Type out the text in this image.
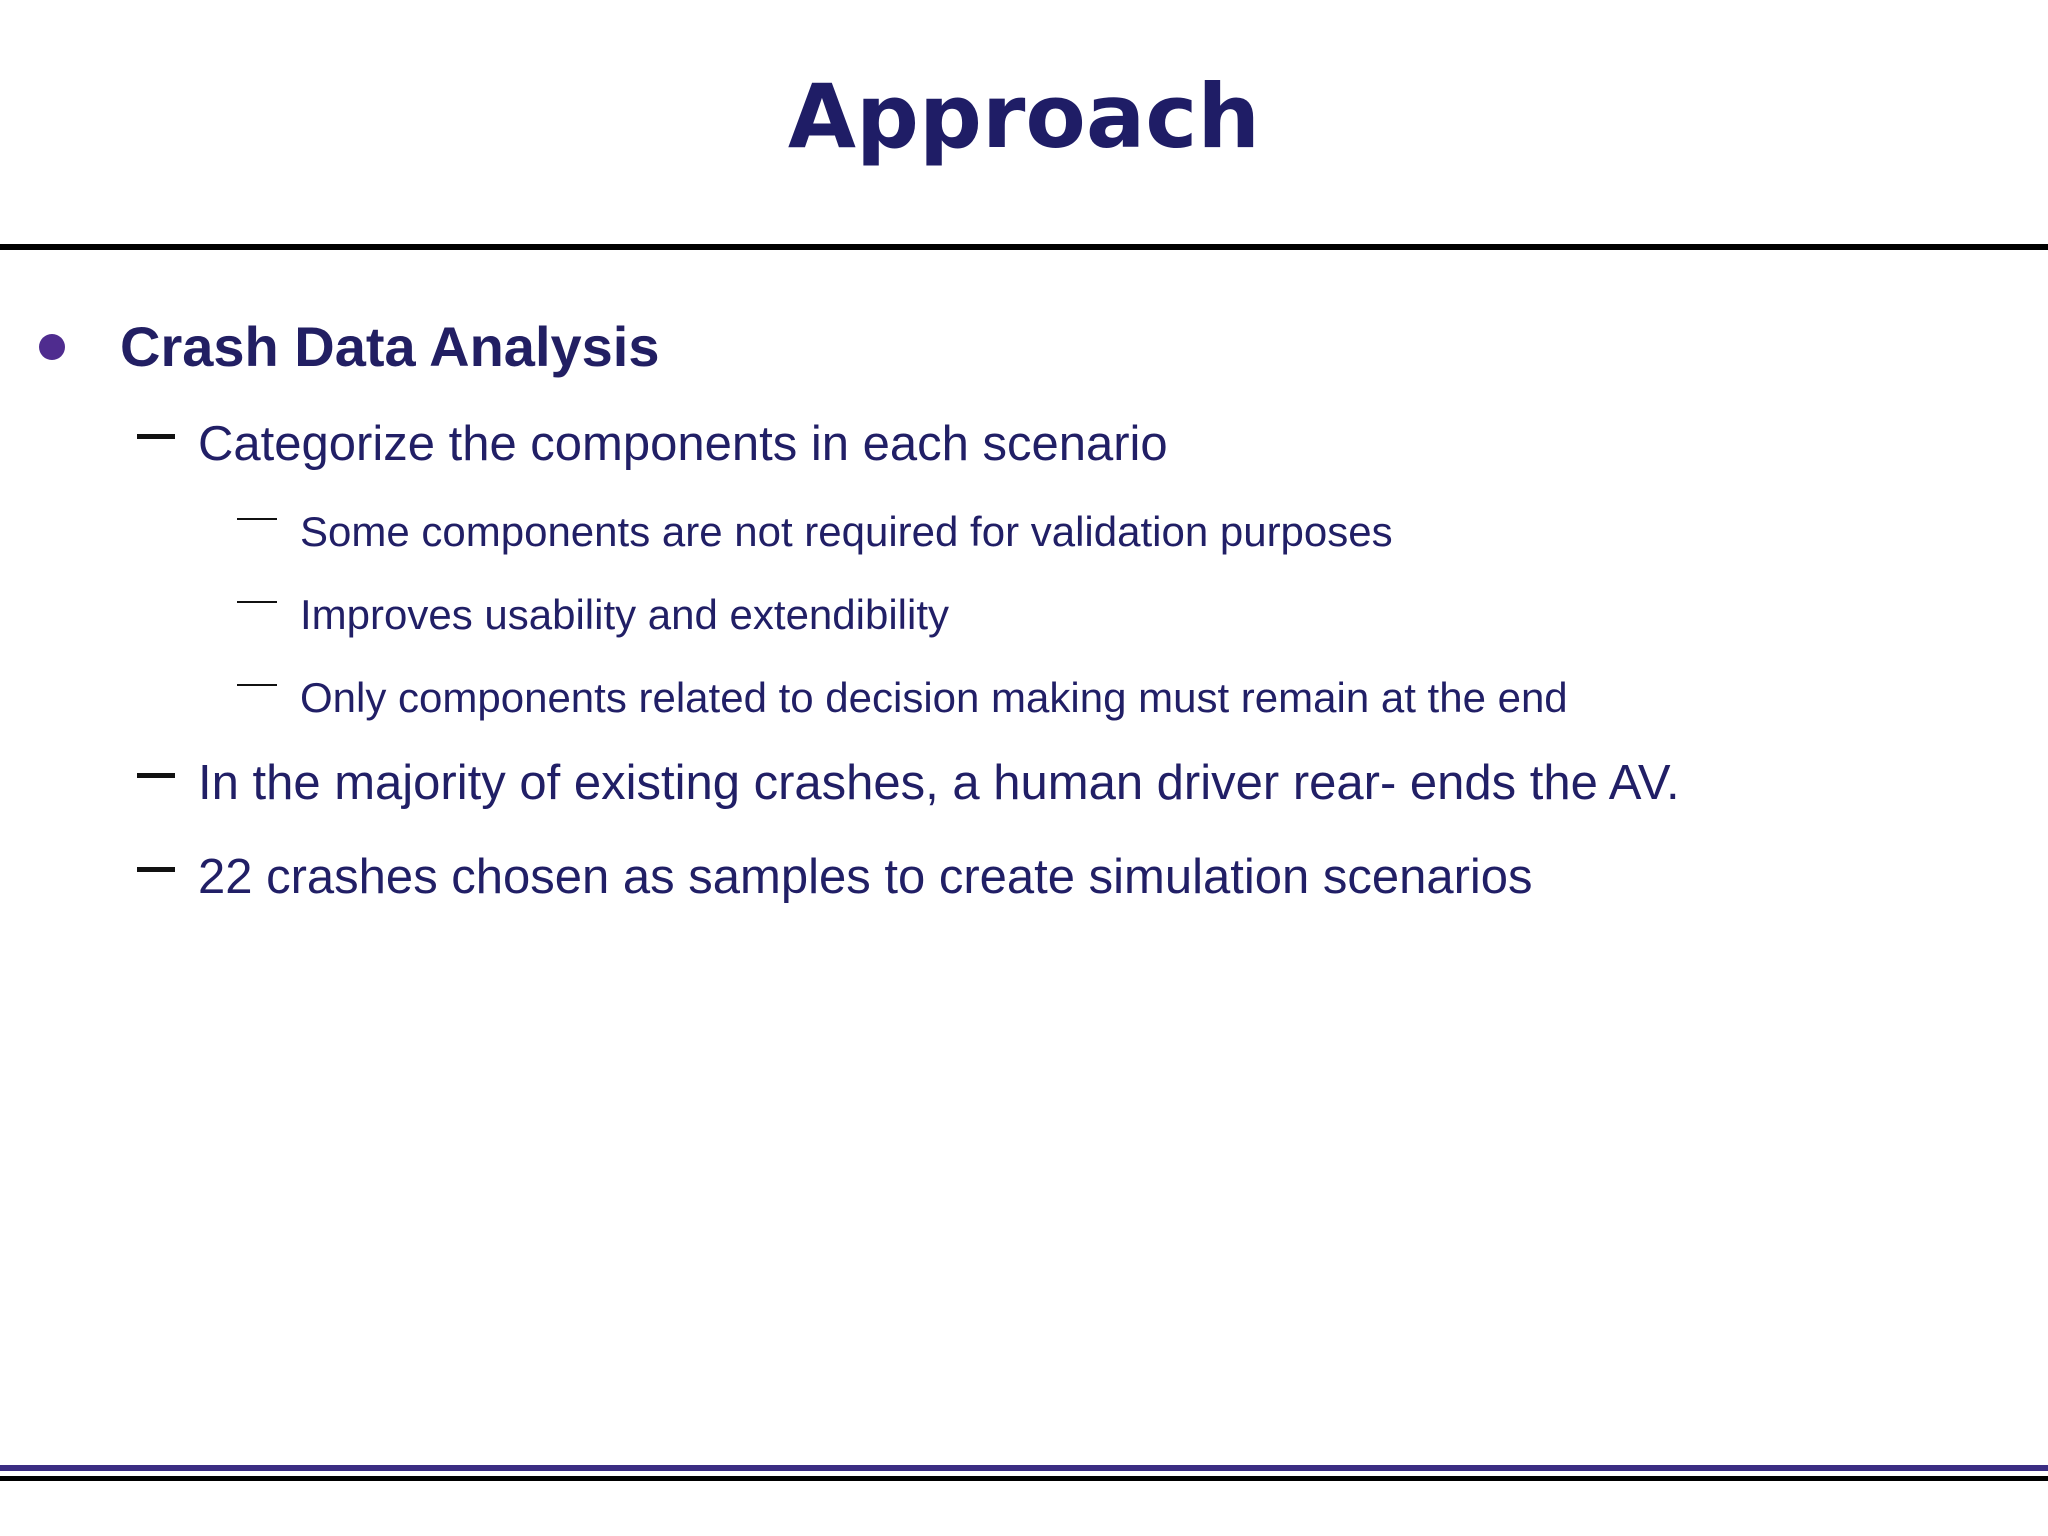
Approach
Crash Data Analysis
Categorize the components in each scenario
Some components are not required for validation purposes
Improves usability and extendibility
Only components related to decision making must remain at the end
In the majority of existing crashes, a human driver rear- ends the AV.
22 crashes chosen as samples to create simulation scenarios
